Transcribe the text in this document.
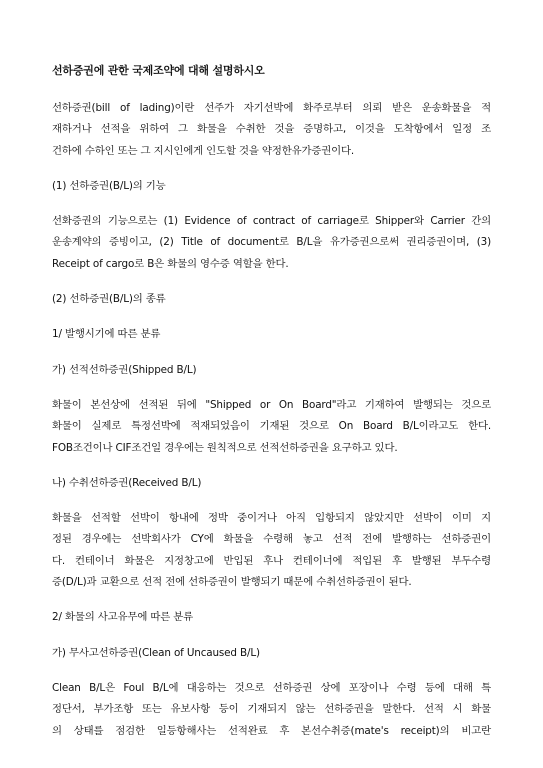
선하증권에 관한 국제조약에 대해 설명하시오
선하증권(bill of lading)이란 선주가 자기선박에 화주로부터 의뢰 받은 운송화물을 적
재하거나 선적을 위하여 그 화물을 수취한 것을 증명하고, 이것을 도착항에서 일정 조
건하에 수하인 또는 그 지시인에게 인도할 것을 약정한유가증권이다.
(1) 선하증권(B/L)의 기능
선화증권의 기능으로는 (1) Evidence of contract of carriage로 Shipper와 Carrier 간의
운송계약의 증빙이고, (2) Title of document로 B/L을 유가증권으로써 권리증권이며, (3)
Receipt of cargo로 B은 화물의 영수증 역할을 한다.
(2) 선하증권(B/L)의 종류
1/ 발행시기에 따른 분류
가) 선적선하증권(Shipped B/L)
화물이 본선상에 선적된 뒤에 "Shipped or On Board"라고 기재하여 발행되는 것으로
화물이 실제로 특정선박에 적재되었음이 기재된 것으로 On Board B/L이라고도 한다.
FOB조건이나 CIF조건일 경우에는 원칙적으로 선적선하증권을 요구하고 있다.
나) 수취선하증권(Received B/L)
화물을 선적할 선박이 항내에 정박 중이거나 아직 입항되지 않았지만 선박이 이미 지
정된 경우에는 선박회사가 CY에 화물을 수령해 놓고 선적 전에 발행하는 선하증권이
다. 컨테이너 화물은 지정창고에 반입된 후나 컨테이너에 적입된 후 발행된 부두수령
증(D/L)과 교환으로 선적 전에 선하증권이 발행되기 때문에 수취선하증권이 된다.
2/ 화물의 사고유무에 따른 분류
가) 무사고선하증권(Clean of Uncaused B/L)
Clean B/L은 Foul B/L에 대응하는 것으로 선하증권 상에 포장이나 수령 등에 대해 특
정단서, 부가조항 또는 유보사항 등이 기재되지 않는 선하증권을 말한다. 선적 시 화물
의 상태를 점검한 일등항해사는 선적완료 후 본선수취증(mate's receipt)의 비고란
